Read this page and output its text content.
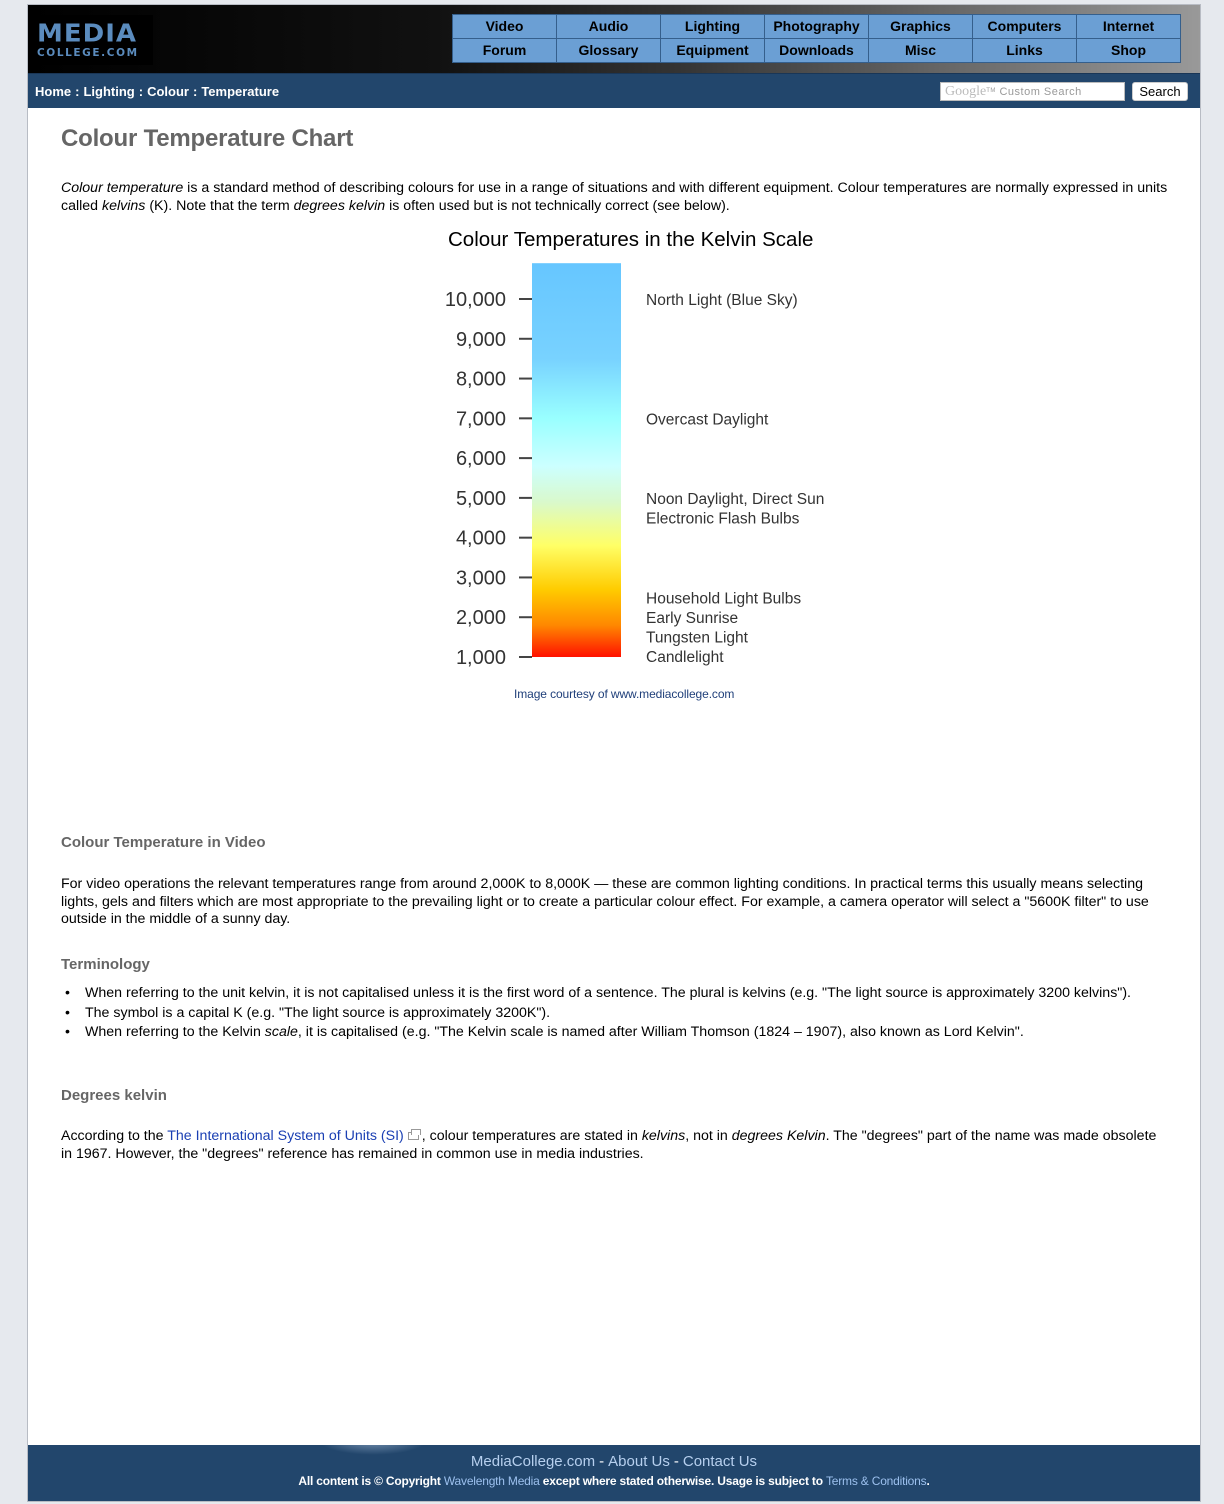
MEDIA
COLLEGE.COM
Video	Audio	Lighting	Photography	Graphics	Computers	Internet
Forum	Glossary	Equipment	Downloads	Misc	Links	Shop
Home : Lighting : Colour : Temperature	Google™ Custom Search	Search
Colour Temperature Chart

Colour temperature is a standard method of describing colours for use in a range of situations and with different equipment. Colour temperatures are normally expressed in units called kelvins (K). Note that the term degrees kelvin is often used but is not technically correct (see below).

Colour Temperatures in the Kelvin Scale
10,000
9,000
8,000
7,000
6,000
5,000
4,000
3,000
2,000
1,000
North Light (Blue Sky)
Overcast Daylight
Noon Daylight, Direct Sun
Electronic Flash Bulbs
Household Light Bulbs
Early Sunrise
Tungsten Light
Candlelight
Image courtesy of www.mediacollege.com
Colour Temperature in Video

For video operations the relevant temperatures range from around 2,000K to 8,000K — these are common lighting conditions. In practical terms this usually means selecting lights, gels and filters which are most appropriate to the prevailing light or to create a particular colour effect. For example, a camera operator will select a "5600K filter" to use outside in the middle of a sunny day.

Terminology
• When referring to the unit kelvin, it is not capitalised unless it is the first word of a sentence. The plural is kelvins (e.g. "The light source is approximately 3200 kelvins").
• The symbol is a capital K (e.g. "The light source is approximately 3200K").
• When referring to the Kelvin scale, it is capitalised (e.g. "The Kelvin scale is named after William Thomson (1824 – 1907), also known as Lord Kelvin".
Degrees kelvin

According to the The International System of Units (SI) , colour temperatures are stated in kelvins, not in degrees Kelvin. The "degrees" part of the name was made obsolete in 1967. However, the "degrees" reference has remained in common use in media industries.

MediaCollege.com - About Us - Contact Us
All content is © Copyright Wavelength Media except where stated otherwise. Usage is subject to Terms & Conditions.
